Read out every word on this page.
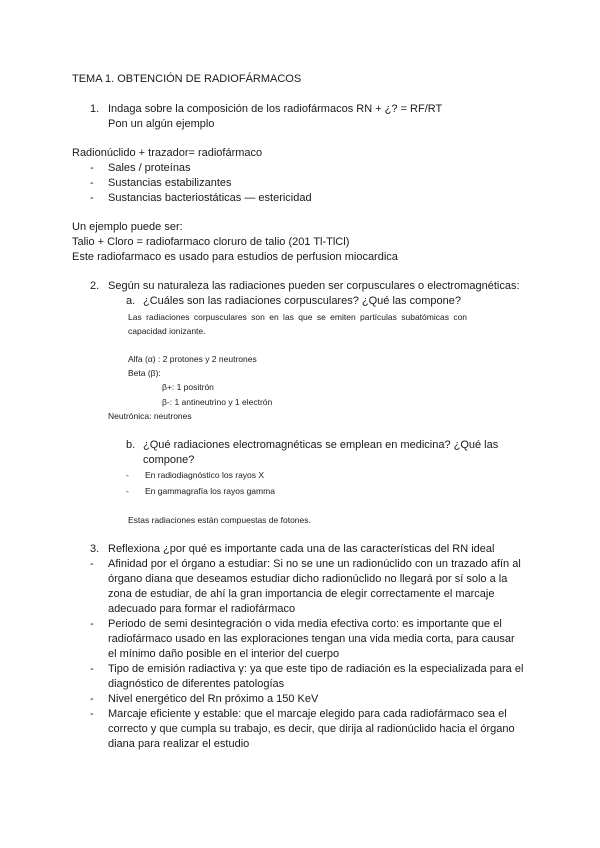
TEMA 1. OBTENCIÓN DE RADIOFÁRMACOS
1. Indaga sobre la composición de los radiofármacos RN + ¿? = RF/RT
Pon un algún ejemplo
Radionúclido + trazador= radiofármaco
- Sales / proteínas
- Sustancias estabilizantes
- Sustancias bacteriostáticas — estericidad
Un ejemplo puede ser:
Talio + Cloro = radiofarmaco cloruro de talio (201 Tl-TlCl)
Este radiofarmaco es usado para estudios de perfusion miocardica
2. Según su naturaleza las radiaciones pueden ser corpusculares o electromagnéticas:
a. ¿Cuáles son las radiaciones corpusculares? ¿Qué las compone?
Las radiaciones corpusculares son en las que se emiten partículas subatómicas con
capacidad ionizante.
Alfa (α) : 2 protones y 2 neutrones
Beta (β):
β+: 1 positrón
β-: 1 antineutrino y 1 electrón
Neutrónica: neutrones
b. ¿Qué radiaciones electromagnéticas se emplean en medicina? ¿Qué las
compone?
- En radiodiagnóstico los rayos X
- En gammagrafía los rayos gamma
Estas radiaciones están compuestas de fotones.
3. Reflexiona ¿por qué es importante cada una de las características del RN ideal
- Afinidad por el órgano a estudiar: Si no se une un radionúclido con un trazado afín al
órgano diana que deseamos estudiar dicho radionúclido no llegará por sí solo a la
zona de estudiar, de ahí la gran importancia de elegir correctamente el marcaje
adecuado para formar el radiofármaco
- Periodo de semi desintegración o vida media efectiva corto: es importante que el
radiofármaco usado en las exploraciones tengan una vida media corta, para causar
el mínimo daño posible en el interior del cuerpo
- Tipo de emisión radiactiva γ: ya que este tipo de radiación es la especializada para el
diagnóstico de diferentes patologías
- Nivel energético del Rn próximo a 150 KeV
- Marcaje eficiente y estable: que el marcaje elegido para cada radiofármaco sea el
correcto y que cumpla su trabajo, es decir, que dirija al radionúclido hacia el órgano
diana para realizar el estudio
